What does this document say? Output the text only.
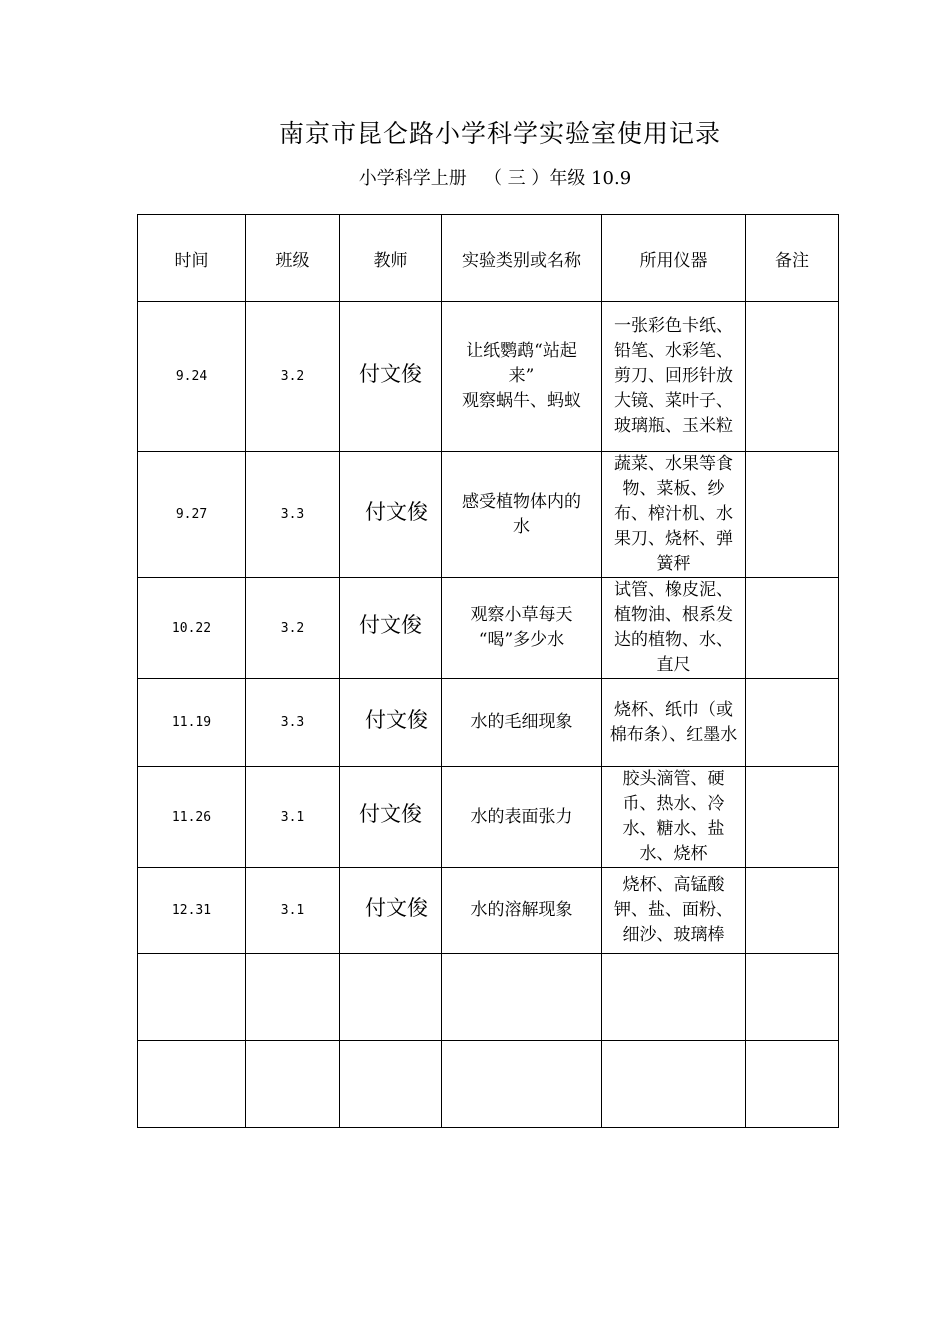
南京市昆仑路小学科学实验室使用记录
小学科学上册   （ 三 ）年级 10.9
时间	班级	教师	实验类别或名称	所用仪器	备注
9.24	3.2	付文俊	让纸鹦鹉“站起
来”
观察蜗牛、蚂蚁	一张彩色卡纸、铅笔、水彩笔、剪刀、回形针放大镜、菜叶子、玻璃瓶、玉米粒	
9.27	3.3	付文俊	感受植物体内的
水	蔬菜、水果等食物、菜板、纱布、榨汁机、水果刀、烧杯、弹簧秤	
10.22	3.2	付文俊	观察小草每天
“喝”多少水	试管、橡皮泥、植物油、根系发达的植物、水、直尺	
11.19	3.3	付文俊	水的毛细现象	烧杯、纸巾（或棉布条）、红墨水	
11.26	3.1	付文俊	水的表面张力	胶头滴管、硬币、热水、冷水、糖水、盐水、烧杯	
12.31	3.1	付文俊	水的溶解现象	烧杯、高锰酸钾、盐、面粉、细沙、玻璃棒	
